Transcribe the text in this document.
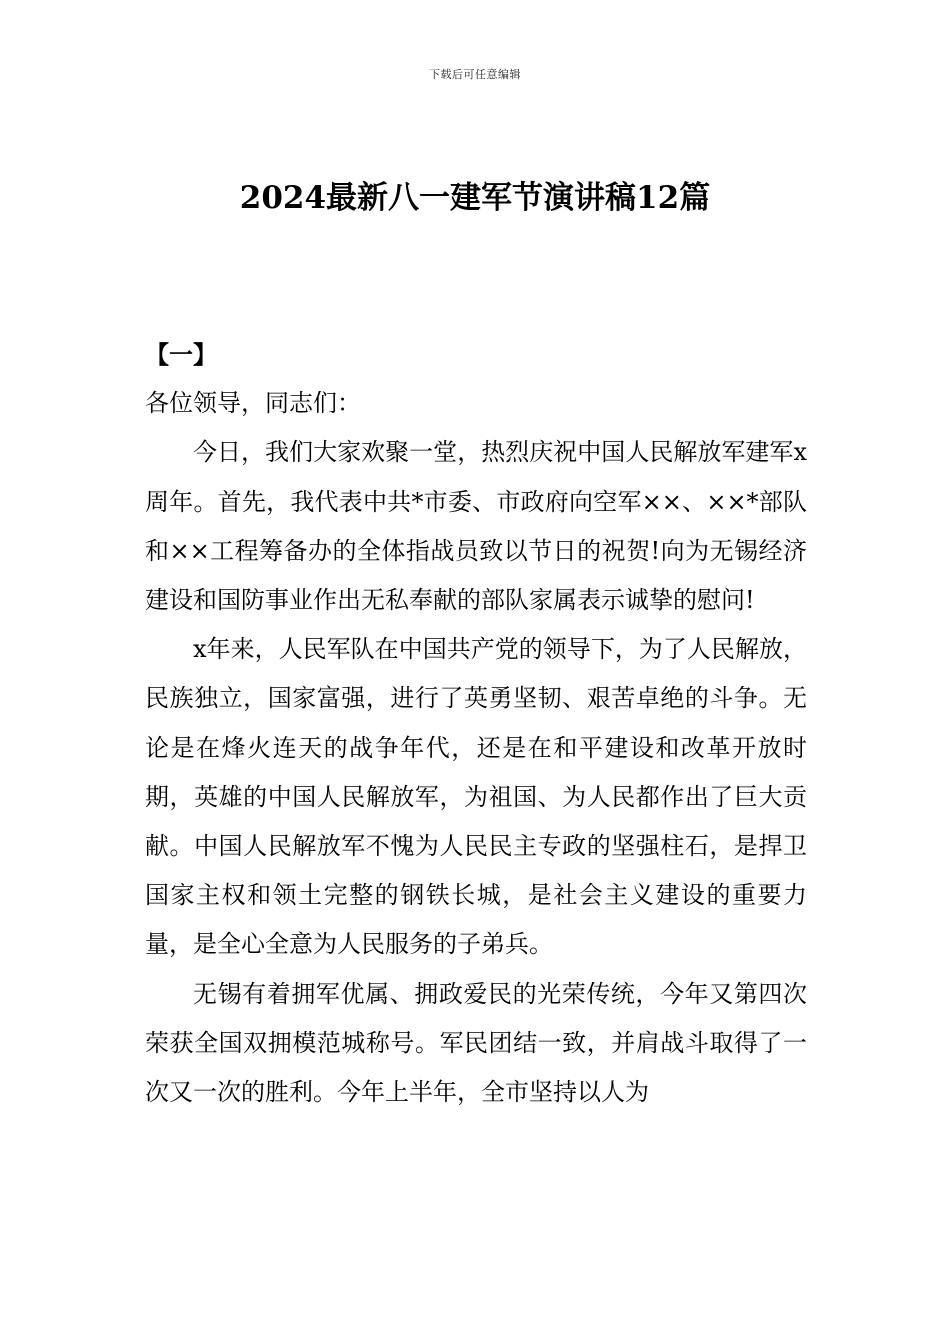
下载后可任意编辑
2024最新八一建军节演讲稿12篇

【一】

各位领导，同志们：

今日，我们大家欢聚一堂，热烈庆祝中国人民解放军建军x周年。首先，我代表中共*市委、市政府向空军××、××*部队和××工程筹备办的全体指战员致以节日的祝贺!向为无锡经济建设和国防事业作出无私奉献的部队家属表示诚挚的慰问!

x年来，人民军队在中国共产党的领导下，为了人民解放，民族独立，国家富强，进行了英勇坚韧、艰苦卓绝的斗争。无论是在烽火连天的战争年代，还是在和平建设和改革开放时期，英雄的中国人民解放军，为祖国、为人民都作出了巨大贡献。中国人民解放军不愧为人民民主专政的坚强柱石，是捍卫国家主权和领土完整的钢铁长城，是社会主义建设的重要力量，是全心全意为人民服务的子弟兵。

无锡有着拥军优属、拥政爱民的光荣传统，今年又第四次荣获全国双拥模范城称号。军民团结一致，并肩战斗取得了一次又一次的胜利。今年上半年，全市坚持以人为
